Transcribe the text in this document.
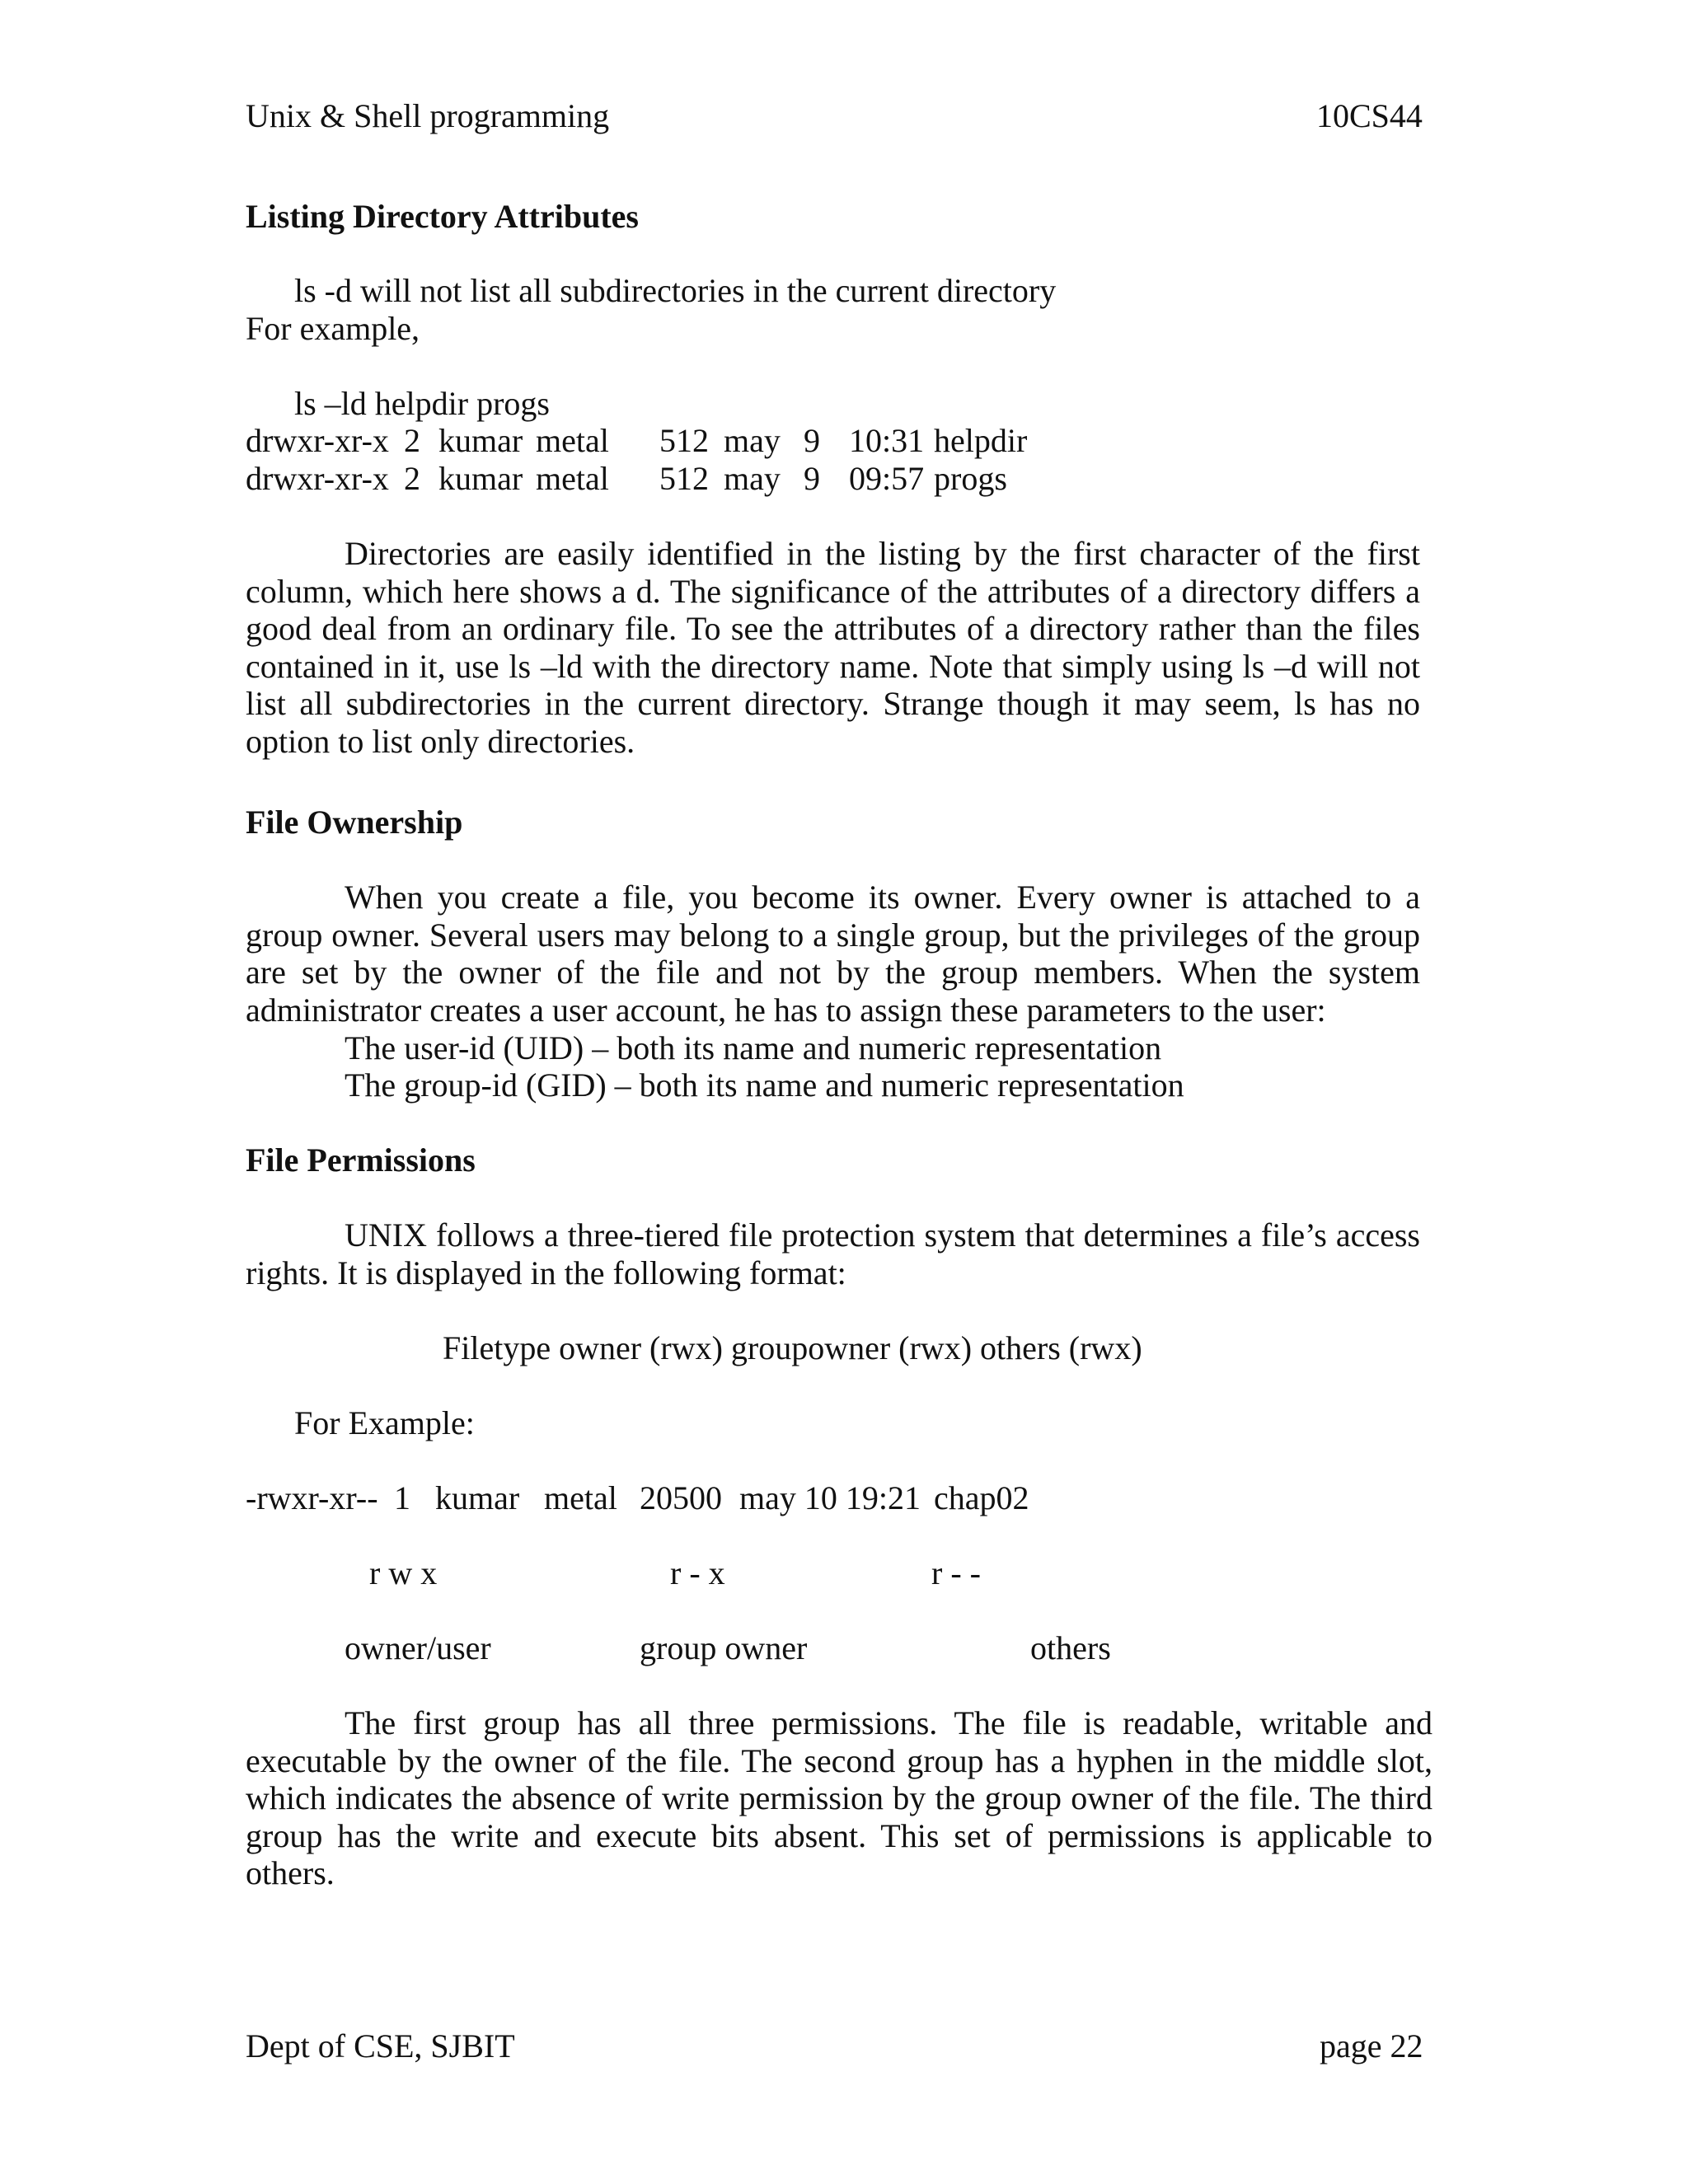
Unix & Shell programming	10CS44
Listing Directory Attributes
ls -d will not list all subdirectories in the current directory
For example,
ls –ld helpdir progs
drwxr-xr-x 2 kumar metal 512 may 9 10:31 helpdir
drwxr-xr-x 2 kumar metal 512 may 9 09:57 progs
Directories are easily identified in the listing by the first character of the first column, which here shows a d. The significance of the attributes of a directory differs a good deal from an ordinary file. To see the attributes of a directory rather than the files contained in it, use ls –ld with the directory name. Note that simply using ls –d will not list all subdirectories in the current directory. Strange though it may seem, ls has no option to list only directories.
File Ownership
When you create a file, you become its owner. Every owner is attached to a group owner. Several users may belong to a single group, but the privileges of the group are set by the owner of the file and not by the group members. When the system administrator creates a user account, he has to assign these parameters to the user:
The user-id (UID) – both its name and numeric representation
The group-id (GID) – both its name and numeric representation
File Permissions
UNIX follows a three-tiered file protection system that determines a file’s access rights. It is displayed in the following format:
Filetype owner (rwx) groupowner (rwx) others (rwx)
For Example:
-rwxr-xr-- 1 kumar metal 20500 may 10 19:21 chap02
r w x	r - x	r - -
owner/user	group owner	others
The first group has all three permissions. The file is readable, writable and executable by the owner of the file. The second group has a hyphen in the middle slot, which indicates the absence of write permission by the group owner of the file. The third group has the write and execute bits absent. This set of permissions is applicable to others.
Dept of CSE, SJBIT	page 22
